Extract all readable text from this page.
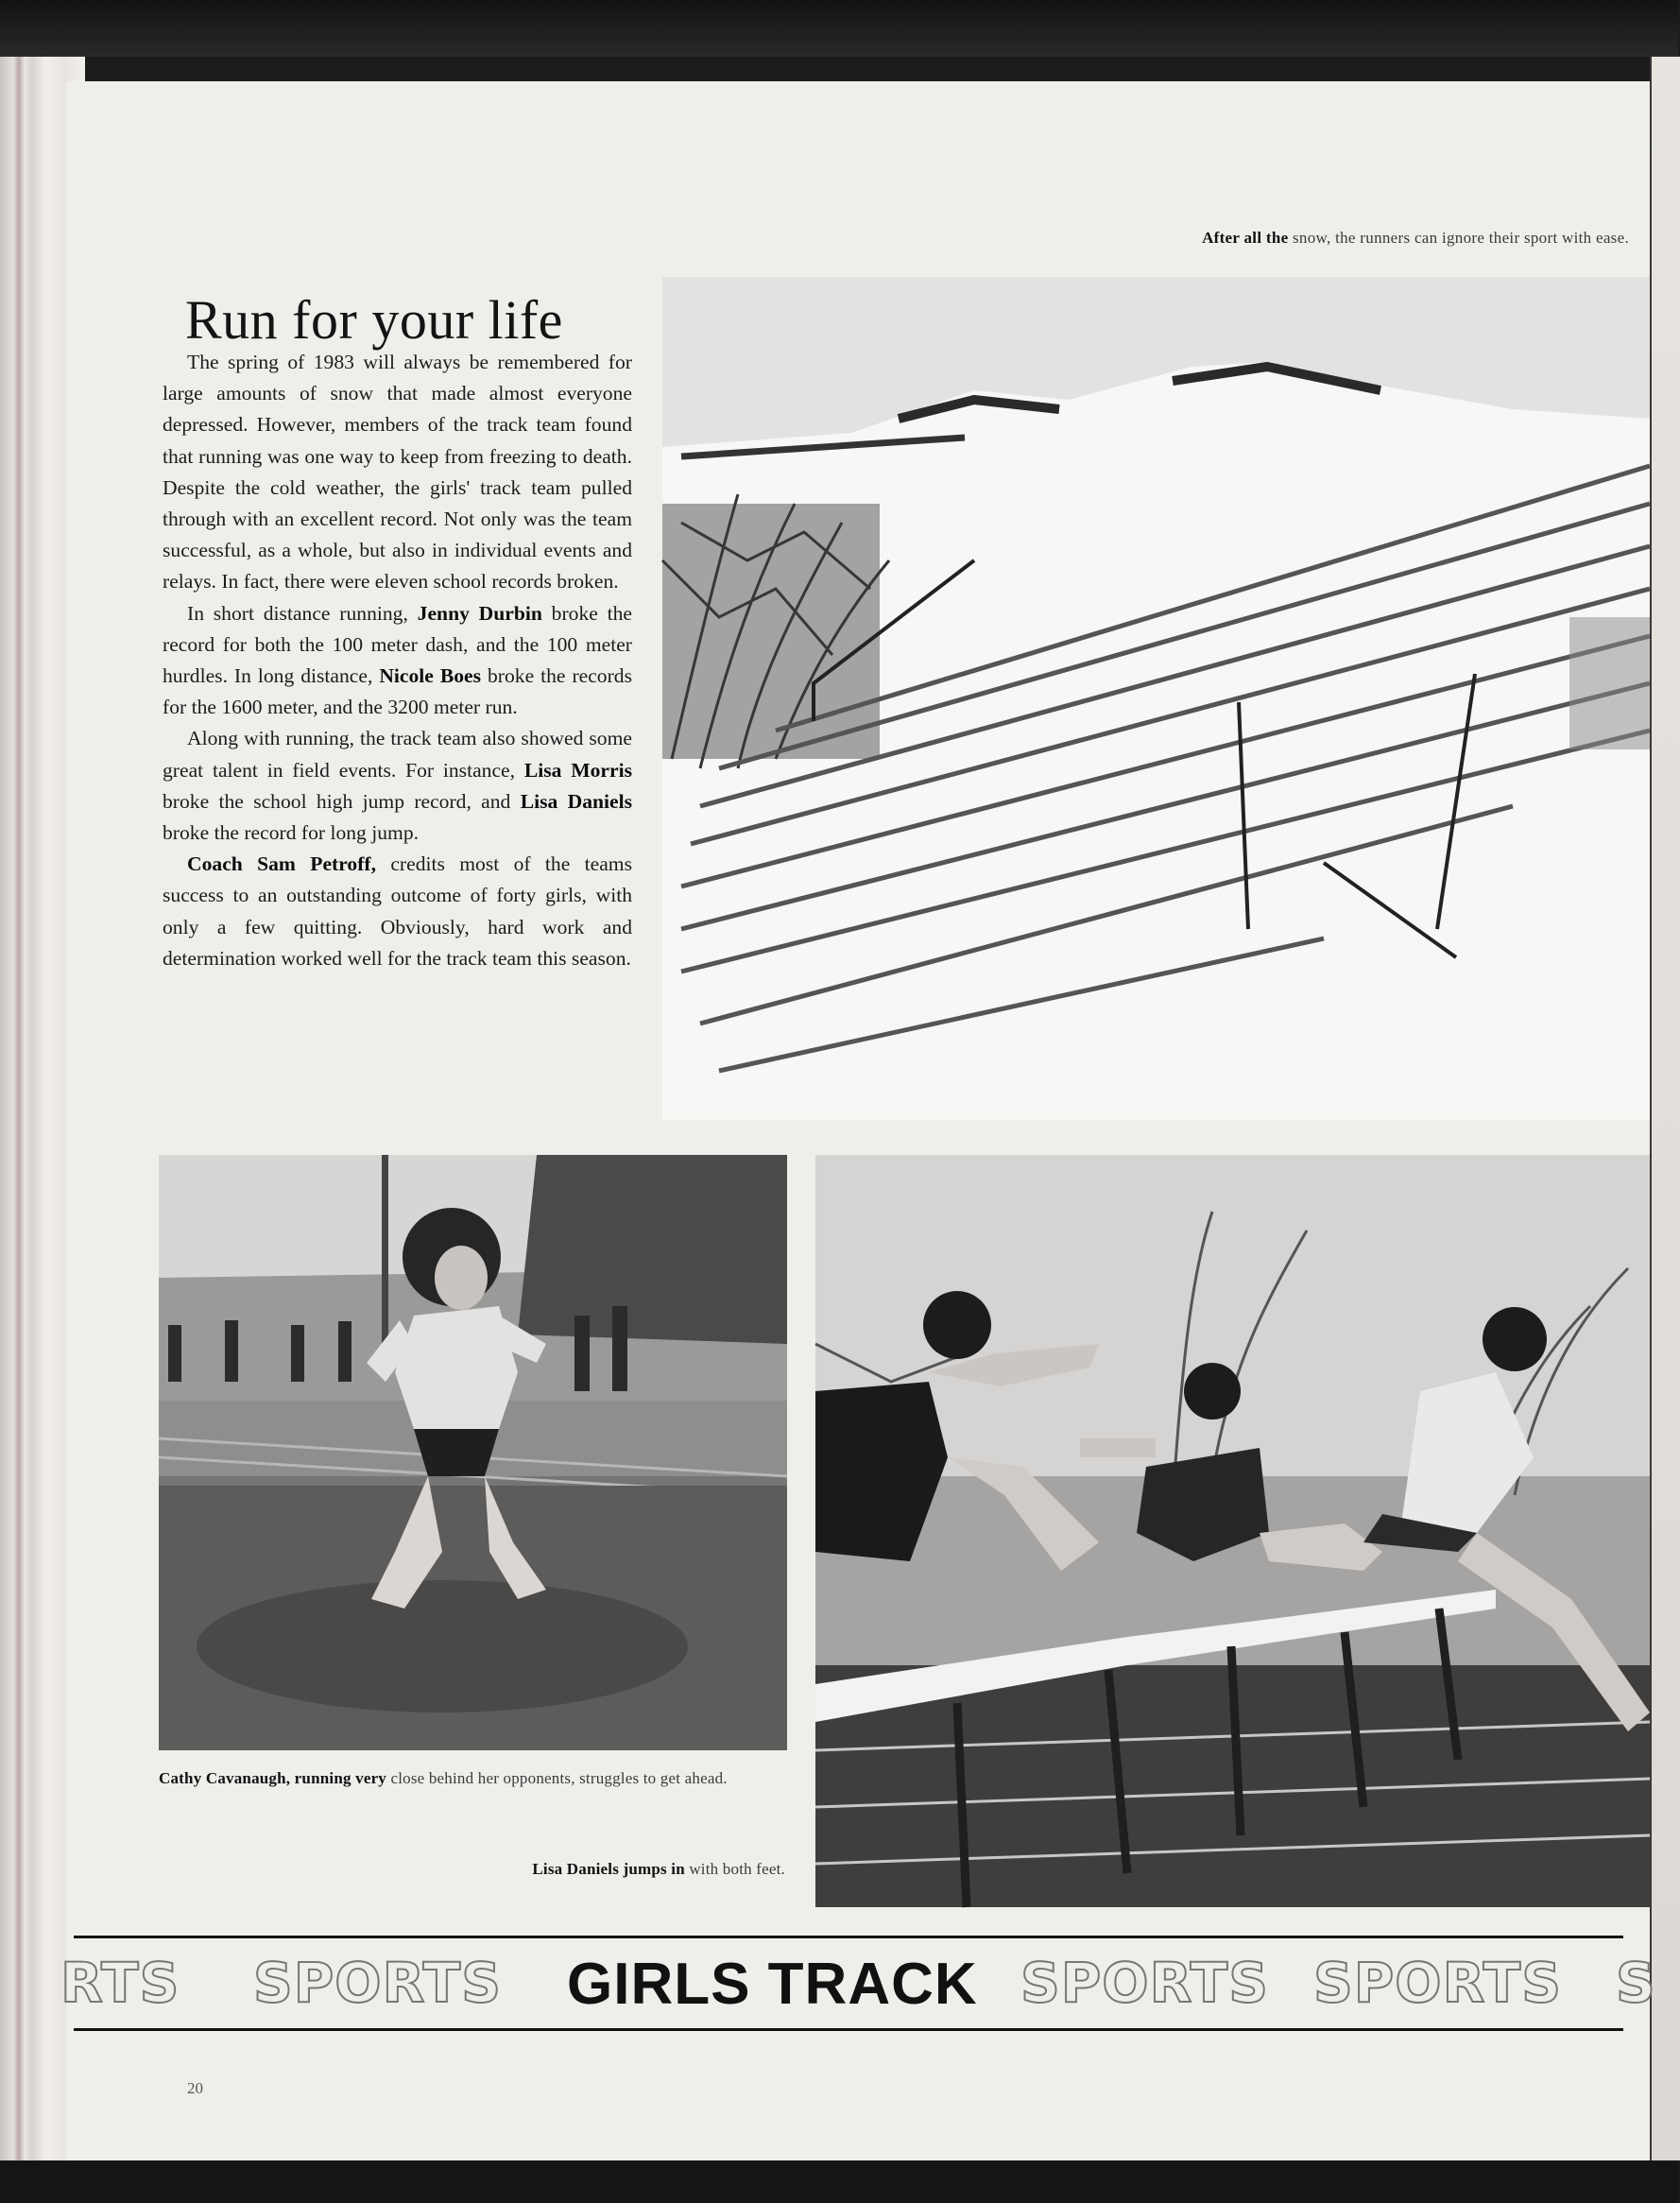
After all the snow, the runners can ignore their sport with ease.
Run for your life

The spring of 1983 will always be remembered for large amounts of snow that made almost everyone depressed. However, members of the track team found that running was one way to keep from freezing to death. Despite the cold weather, the girls' track team pulled through with an excellent record. Not only was the team successful, as a whole, but also in individual events and relays. In fact, there were eleven school records broken.

In short distance running, Jenny Durbin broke the record for both the 100 meter dash, and the 100 meter hurdles. In long distance, Nicole Boes broke the records for the 1600 meter, and the 3200 meter run.

Along with running, the track team also showed some great talent in field events. For instance, Lisa Morris broke the school high jump record, and Lisa Daniels broke the record for long jump.

Coach Sam Petroff, credits most of the teams success to an outstanding outcome of forty girls, with only a few quitting. Obviously, hard work and determination worked well for the track team this season.

Cathy Cavanaugh, running very close behind her opponents, struggles to get ahead.
Lisa Daniels jumps in with both feet.
RTS SPORTS GIRLS TRACK SPORTS SPORTS S
20
